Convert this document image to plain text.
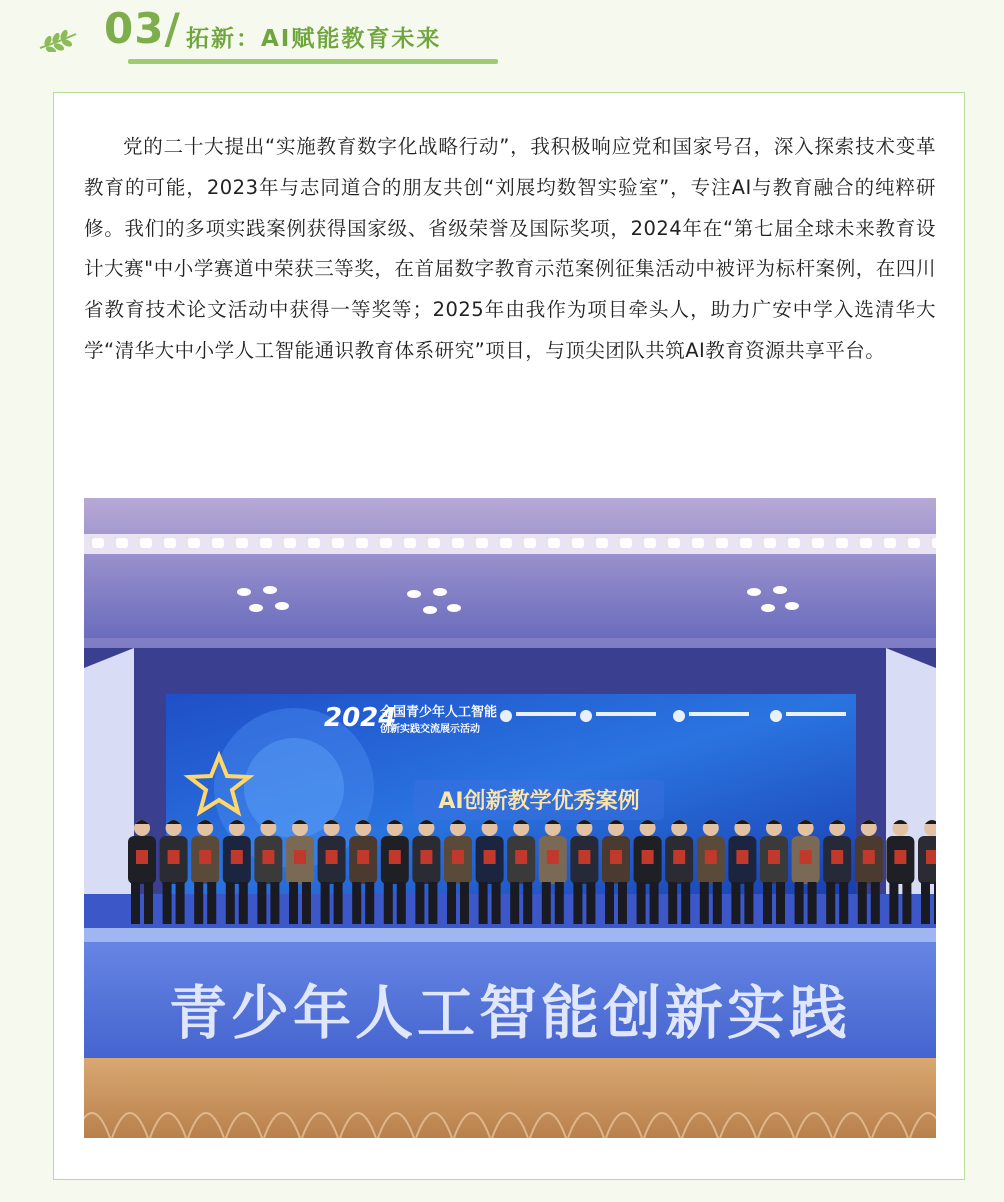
03/ 拓新：AI赋能教育未来

党的二十大提出“实施教育数字化战略行动”，我积极响应党和国家号召，深入探索技术变革教育的可能，2023年与志同道合的朋友共创“刘展均数智实验室”，专注AI与教育融合的纯粹研修。我们的多项实践案例获得国家级、省级荣誉及国际奖项，2024年在“第七届全球未来教育设计大赛"中小学赛道中荣获三等奖，在首届数字教育示范案例征集活动中被评为标杆案例，在四川省教育技术论文活动中获得一等奖等；2025年由我作为项目牵头人，助力广安中学入选清华大学“清华大中小学人工智能通识教育体系研究”项目，与顶尖团队共筑AI教育资源共享平台。

2024
全国青少年人工智能
创新实践交流展示活动
AI创新教学优秀案例
青少年人工智能创新实践
